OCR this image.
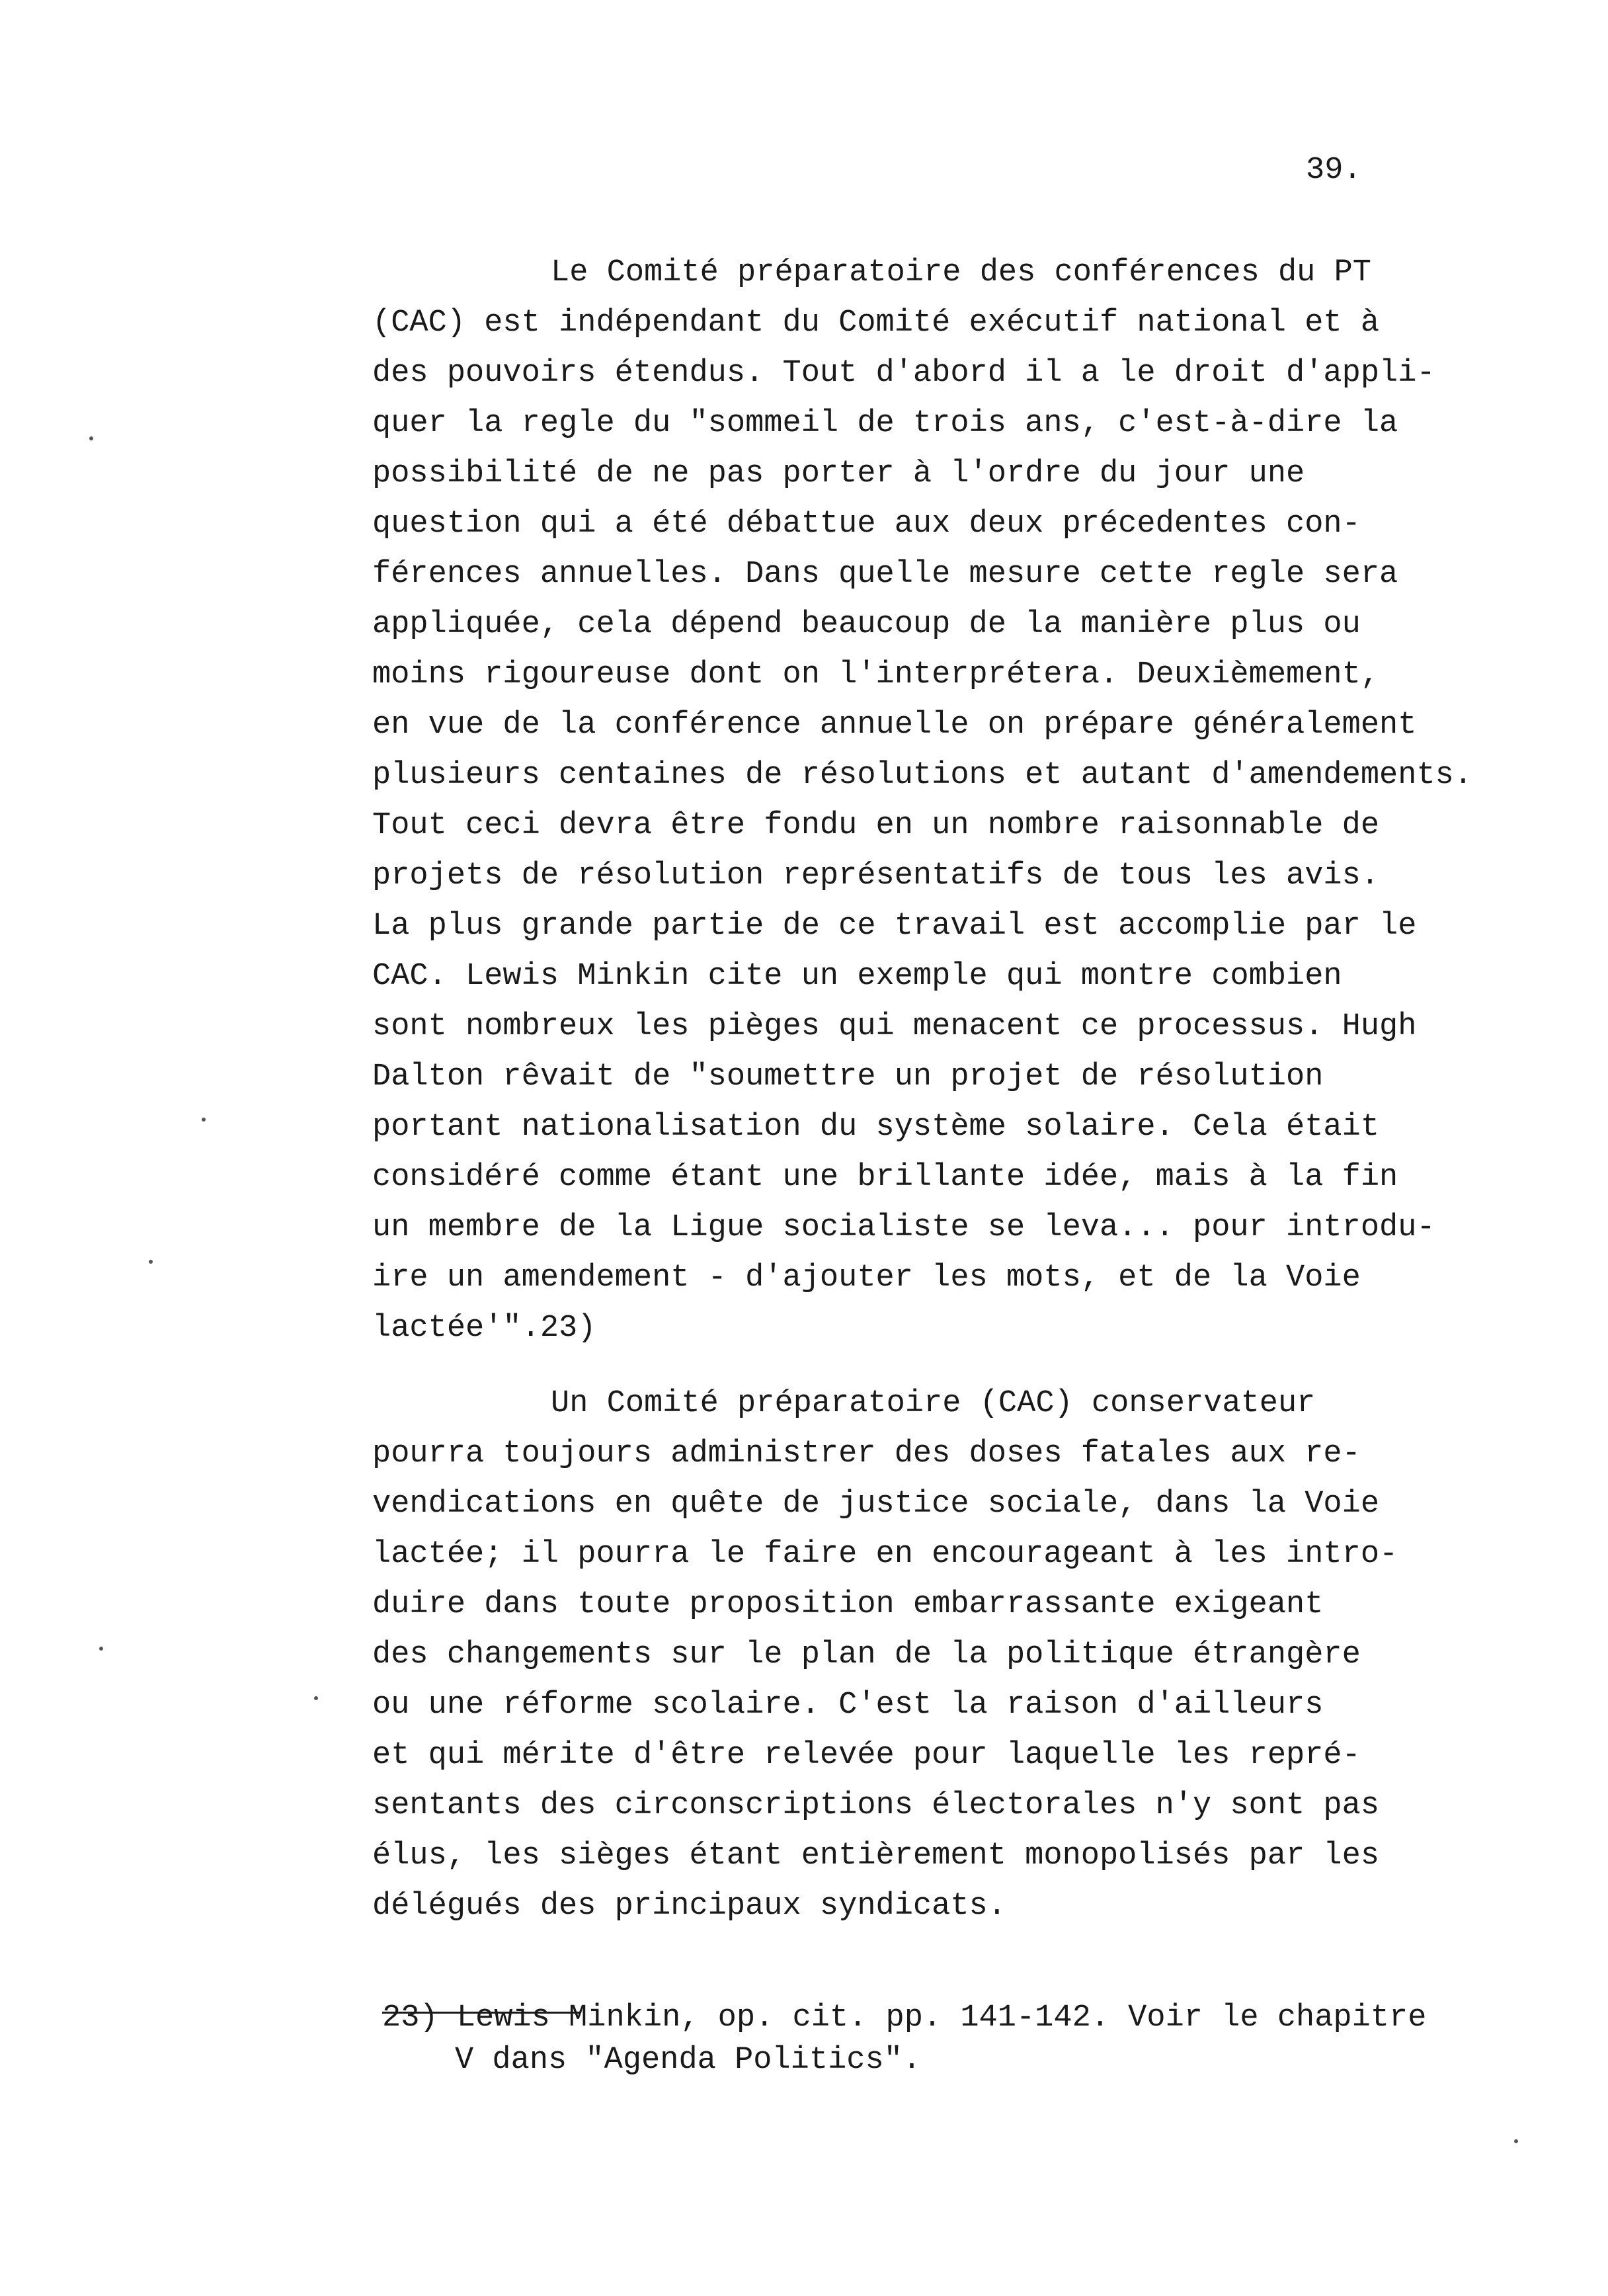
39.
Le Comité préparatoire des conférences du PT
(CAC) est indépendant du Comité exécutif national et à
des pouvoirs étendus. Tout d'abord il a le droit d'appli-
quer la regle du "sommeil de trois ans, c'est-à-dire la
possibilité de ne pas porter à l'ordre du jour une
question qui a été débattue aux deux précedentes con-
férences annuelles. Dans quelle mesure cette regle sera
appliquée, cela dépend beaucoup de la manière plus ou
moins rigoureuse dont on l'interprétera. Deuxièmement,
en vue de la conférence annuelle on prépare généralement
plusieurs centaines de résolutions et autant d'amendements.
Tout ceci devra être fondu en un nombre raisonnable de
projets de résolution représentatifs de tous les avis.
La plus grande partie de ce travail est accomplie par le
CAC. Lewis Minkin cite un exemple qui montre combien
sont nombreux les pièges qui menacent ce processus. Hugh
Dalton rêvait de "soumettre un projet de résolution
portant nationalisation du système solaire. Cela était
considéré comme étant une brillante idée, mais à la fin
un membre de la Ligue socialiste se leva... pour introdu-
ire un amendement - d'ajouter les mots, et de la Voie
lactée'".23)
Un Comité préparatoire (CAC) conservateur
pourra toujours administrer des doses fatales aux re-
vendications en quête de justice sociale, dans la Voie
lactée; il pourra le faire en encourageant à les intro-
duire dans toute proposition embarrassante exigeant
des changements sur le plan de la politique étrangère
ou une réforme scolaire. C'est la raison d'ailleurs
et qui mérite d'être relevée pour laquelle les repré-
sentants des circonscriptions électorales n'y sont pas
élus, les sièges étant entièrement monopolisés par les
délégués des principaux syndicats.
23) Lewis Minkin, op. cit. pp. 141-142. Voir le chapitre
V dans "Agenda Politics".
